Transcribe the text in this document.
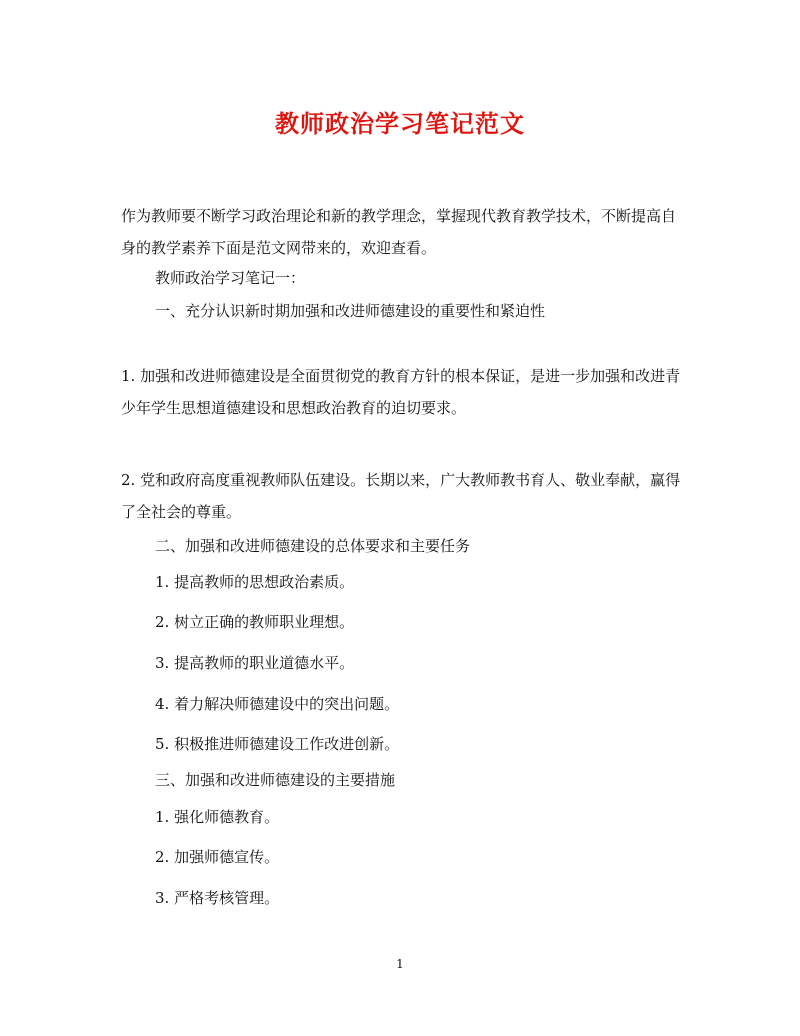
教师政治学习笔记范文
作为教师要不断学习政治理论和新的教学理念，掌握现代教育教学技术，不断提高自身的教学素养下面是范文网带来的，欢迎查看。
教师政治学习笔记一：
一、充分认识新时期加强和改进师德建设的重要性和紧迫性
1. 加强和改进师德建设是全面贯彻党的教育方针的根本保证，是进一步加强和改进青少年学生思想道德建设和思想政治教育的迫切要求。
2. 党和政府高度重视教师队伍建设。长期以来，广大教师教书育人、敬业奉献，赢得了全社会的尊重。
二、加强和改进师德建设的总体要求和主要任务
1. 提高教师的思想政治素质。
2. 树立正确的教师职业理想。
3. 提高教师的职业道德水平。
4. 着力解决师德建设中的突出问题。
5. 积极推进师德建设工作改进创新。
三、加强和改进师德建设的主要措施
1. 强化师德教育。
2. 加强师德宣传。
3. 严格考核管理。
1
